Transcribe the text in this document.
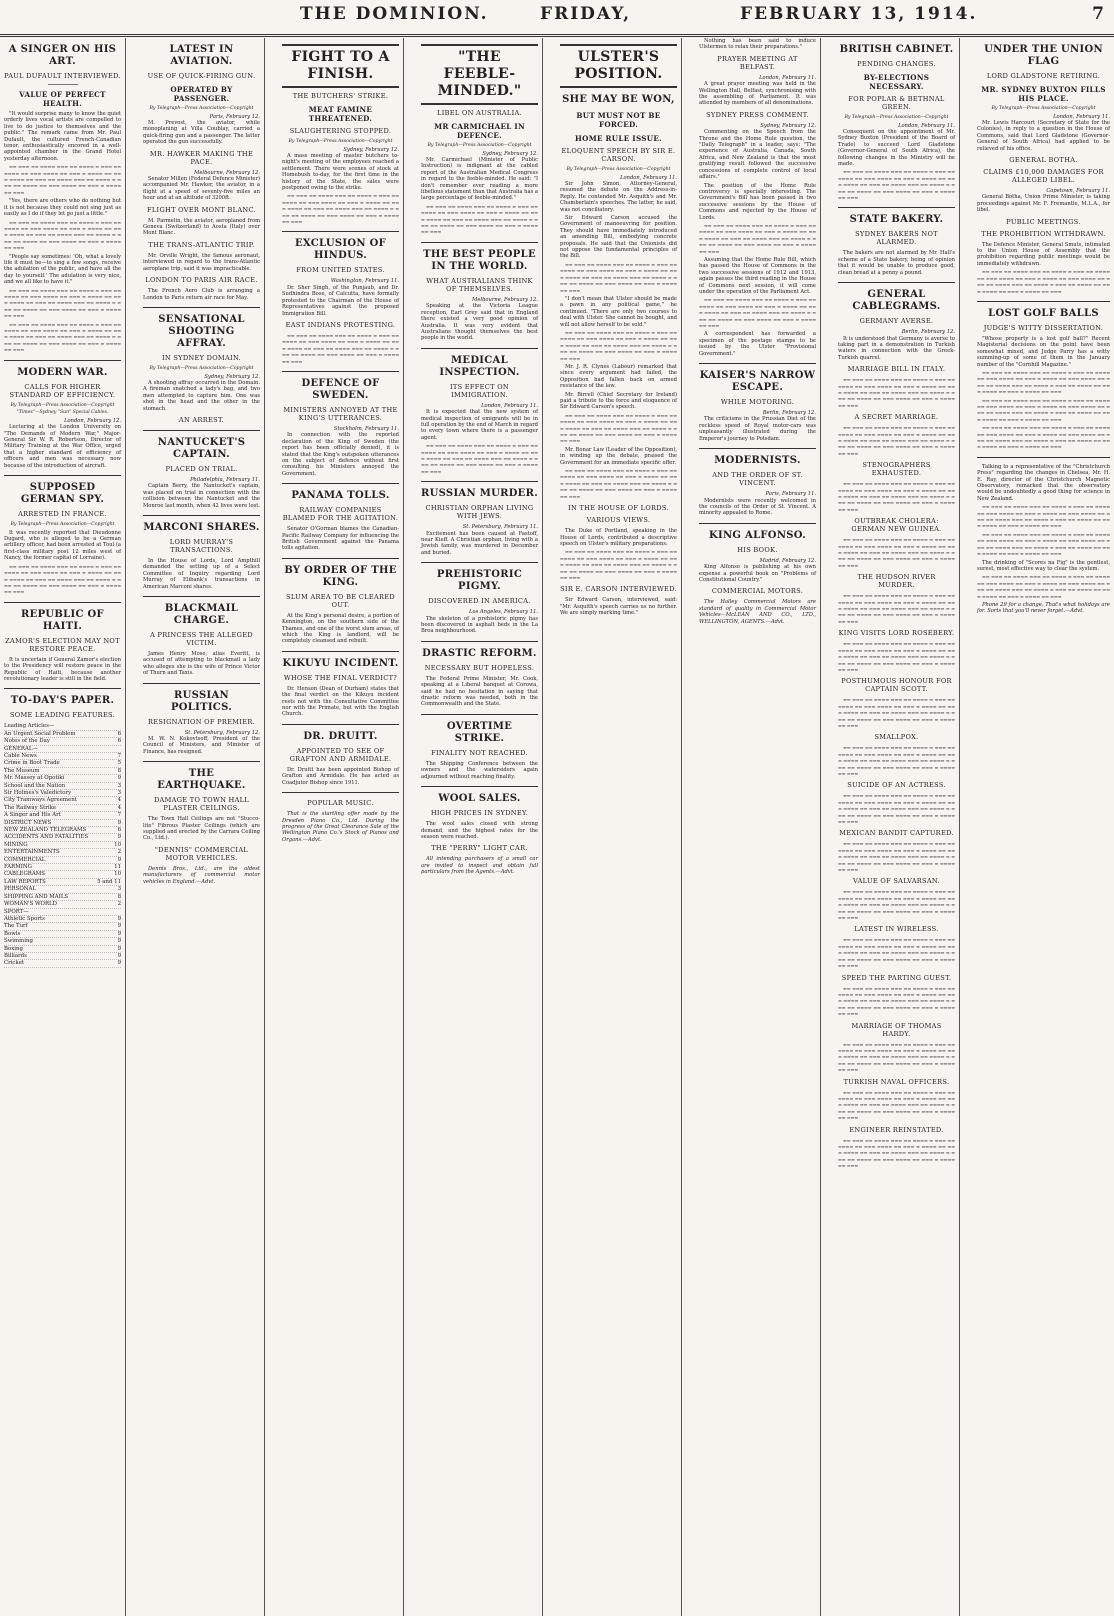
THE DOMINION.	FRIDAY,	FEBRUARY 13, 1914.	7
A SINGER ON HIS ART.
PAUL DUFAULT INTERVIEWED.
VALUE OF PERFECT HEALTH.

"It would surprise many to know the quiet orderly lives vocal artists are compelled to live to do justice to themselves and the public." The remark came from Mr. Paul Dufault, the cultured French-Canadian tenor, enthusiastically encored in a well-appointed chamber in the Grand Hotel yesterday afternoon.

▬▬ ▬▬▬ ▬▬ ▬▬▬▬ ▬▬▬ ▬▬ ▬▬▬▬ ▬ ▬▬▬ ▬▬ ▬▬▬▬ ▬▬ ▬▬▬ ▬▬▬▬ ▬▬ ▬▬▬ ▬ ▬▬▬▬ ▬▬ ▬▬▬ ▬▬▬▬ ▬▬ ▬▬▬ ▬▬ ▬▬▬▬ ▬▬▬ ▬▬ ▬▬▬▬ ▬ ▬▬▬ ▬▬ ▬▬▬▬ ▬▬ ▬▬▬ ▬▬▬▬ ▬▬ ▬▬▬ ▬ ▬▬▬▬ ▬▬ ▬▬▬

"Yes, there are others who do nothing but it is not because they could not sing just as easily as I do if they let go just a little."

▬▬ ▬▬▬ ▬▬ ▬▬▬▬ ▬▬▬ ▬▬ ▬▬▬▬ ▬ ▬▬▬ ▬▬ ▬▬▬▬ ▬▬ ▬▬▬ ▬▬▬▬ ▬▬ ▬▬▬ ▬ ▬▬▬▬ ▬▬ ▬▬▬ ▬▬▬▬ ▬▬ ▬▬▬ ▬▬ ▬▬▬▬ ▬▬▬ ▬▬ ▬▬▬▬ ▬ ▬▬▬ ▬▬ ▬▬▬▬ ▬▬ ▬▬▬ ▬▬▬▬ ▬▬ ▬▬▬ ▬ ▬▬▬▬ ▬▬ ▬▬▬

"People say sometimes: 'Oh, what a lovely life it must be—to sing a few songs, receive the adulation of the public, and have all the day to yourself.' The adulation is very nice, and we all like to have it."

▬▬ ▬▬▬ ▬▬ ▬▬▬▬ ▬▬▬ ▬▬ ▬▬▬▬ ▬ ▬▬▬ ▬▬ ▬▬▬▬ ▬▬ ▬▬▬ ▬▬▬▬ ▬▬ ▬▬▬ ▬ ▬▬▬▬ ▬▬ ▬▬▬ ▬▬▬▬ ▬▬ ▬▬▬ ▬▬ ▬▬▬▬ ▬▬▬ ▬▬ ▬▬▬▬ ▬ ▬▬▬ ▬▬ ▬▬▬▬ ▬▬ ▬▬▬ ▬▬▬▬ ▬▬ ▬▬▬ ▬ ▬▬▬▬ ▬▬ ▬▬▬

▬▬ ▬▬▬ ▬▬ ▬▬▬▬ ▬▬▬ ▬▬ ▬▬▬▬ ▬ ▬▬▬ ▬▬ ▬▬▬▬ ▬▬ ▬▬▬ ▬▬▬▬ ▬▬ ▬▬▬ ▬ ▬▬▬▬ ▬▬ ▬▬▬ ▬▬▬▬ ▬▬ ▬▬▬ ▬▬ ▬▬▬▬ ▬▬▬ ▬▬ ▬▬▬▬ ▬ ▬▬▬ ▬▬ ▬▬▬▬ ▬▬ ▬▬▬ ▬▬▬▬ ▬▬ ▬▬▬ ▬ ▬▬▬▬ ▬▬ ▬▬▬

MODERN WAR.
CALLS FOR HIGHER STANDARD OF EFFICIENCY.
By Telegraph—Press Association—Copyright
"Times"—Sydney "Sun" Special Cables.
London, February 12.

Lecturing at the London University on "The Demands of Modern War," Major-General Sir W. R. Robertson, Director of Military Training at the War Office, urged that a higher standard of efficiency of officers and men was necessary now because of the introduction of aircraft.

SUPPOSED GERMAN SPY.
ARRESTED IN FRANCE.
By Telegraph—Press Association—Copyright

It was recently reported that Dieudonne Dugard, who is alleged to be a German artillery officer, had been arrested at Toul (a first-class military post 12 miles west of Nancy, the former capital of Lorraine).

▬▬ ▬▬▬ ▬▬ ▬▬▬▬ ▬▬▬ ▬▬ ▬▬▬▬ ▬ ▬▬▬ ▬▬ ▬▬▬▬ ▬▬ ▬▬▬ ▬▬▬▬ ▬▬ ▬▬▬ ▬ ▬▬▬▬ ▬▬ ▬▬▬ ▬▬▬▬ ▬▬ ▬▬▬ ▬▬ ▬▬▬▬ ▬▬▬ ▬▬ ▬▬▬▬ ▬ ▬▬▬ ▬▬ ▬▬▬▬ ▬▬ ▬▬▬ ▬▬▬▬ ▬▬ ▬▬▬ ▬ ▬▬▬▬ ▬▬ ▬▬▬

REPUBLIC OF HAITI.
ZAMOR'S ELECTION MAY NOT RESTORE PEACE.

It is uncertain if General Zamor's election to the Presidency will restore peace in the Republic of Haiti, because another revolutionary leader is still in the field.

TO-DAY'S PAPER.
SOME LEADING FEATURES.
Leading Articles—
An Urgent Social Problem	6
Notes of the Day	6
GENERAL—
Cable News	7
Crime in Boot Trade	5
The Museum	8
Mr. Massey at Opotiki	9
School and the Nation	3
Sir Holmes's Valedictory	3
City Tramways Agreement	4
The Railway Strike	4
A Singer and His Art	7
DISTRICT NEWS	9
NEW ZEALAND TELEGRAMS	6
ACCIDENTS AND FATALITIES	9
MINING	10
ENTERTAINMENTS	2
COMMERCIAL	9
FARMING	11
CABLEGRAMS	10
LAW REPORTS	5 and 11
PERSONAL	3
SHIPPING AND MAILS	8
WOMAN'S WORLD	2
SPORT—
Athletic Sports	9
The Turf	9
Bowls	9
Swimming	9
Boxing	9
Billiards	9
Cricket	9
LATEST IN AVIATION.
USE OF QUICK-FIRING GUN.
OPERATED BY PASSENGER.
By Telegraph—Press Association—Copyright
Paris, February 12.

M. Prevost, the aviator, while monoplaning at Villa Coublay, carried a quick-firing gun and a passenger. The latter operated the gun successfully.

MR. HAWKER MAKING THE PACE.
Melbourne, February 12.

Senator Millen (Federal Defence Minister) accompanied Mr. Hawker, the aviator, in a flight at a speed of seventy-five miles an hour and at an altitude of 3200ft.

FLIGHT OVER MONT BLANC.

M. Parmelin, the aviator, aeroplaned from Geneva (Switzerland) to Aosta (Italy) over Mont Blanc.

THE TRANS-ATLANTIC TRIP.

Mr. Orville Wright, the famous aeronaut, interviewed in regard to the trans-Atlantic aeroplane trip, said it was impracticable.

LONDON TO PARIS AIR RACE.

The French Aero Club is arranging a London to Paris return air race for May.

SENSATIONAL SHOOTING AFFRAY.
IN SYDNEY DOMAIN.
By Telegraph—Press Association—Copyright
Sydney, February 12.

A shooting affray occurred in the Domain. A fireman snatched a lady's bag, and two men attempted to capture him. One was shot in the head and the other in the stomach.

AN ARREST.
NANTUCKET'S CAPTAIN.
PLACED ON TRIAL.
Philadelphia, February 11.

Captain Berry, the Nantucket's captain, was placed on trial in connection with the collision between the Nantucket and the Monroe last month, when 42 lives were lost.

MARCONI SHARES.
LORD MURRAY'S TRANSACTIONS.

In the House of Lords, Lord Ampthill demanded the setting up of a Select Committee of Inquiry regarding Lord Murray of Elibank's transactions in American Marconi shares.

BLACKMAIL CHARGE.
A PRINCESS THE ALLEGED VICTIM.

James Henry Mose, alias Everitt, is accused of attempting to blackmail a lady who alleges she is the wife of Prince Victor of Thurn and Taxis.

RUSSIAN POLITICS.
RESIGNATION OF PREMIER.
St. Petersburg, February 12.

M. W. N. Kokovtsoff, President of the Council of Ministers, and Minister of Finance, has resigned.

THE EARTHQUAKE.
DAMAGE TO TOWN HALL PLASTER CEILINGS.

The Town Hall Ceilings are not "Stucco-lite" Fibrous Plaster Ceilings (which are supplied and erected by the Carrara Ceiling Co., Ltd.).

"DENNIS" COMMERCIAL MOTOR VEHICLES.

Dennis Bros., Ltd., are the oldest manufacturers of commercial motor vehicles in England.—Advt.

FIGHT TO A FINISH.
THE BUTCHERS' STRIKE.
MEAT FAMINE THREATENED.
SLAUGHTERING STOPPED.
By Telegraph—Press Association—Copyright
Sydney, February 12.

A mass meeting of master butchers to-night's meeting of the employees reached a settlement. There were scenes of stock at Homebush to-day, for the first time in the history of the State, the sales were postponed owing to the strike.

▬▬ ▬▬▬ ▬▬ ▬▬▬▬ ▬▬▬ ▬▬ ▬▬▬▬ ▬ ▬▬▬ ▬▬ ▬▬▬▬ ▬▬ ▬▬▬ ▬▬▬▬ ▬▬ ▬▬▬ ▬ ▬▬▬▬ ▬▬ ▬▬▬ ▬▬▬▬ ▬▬ ▬▬▬ ▬▬ ▬▬▬▬ ▬▬▬ ▬▬ ▬▬▬▬ ▬ ▬▬▬ ▬▬ ▬▬▬▬ ▬▬ ▬▬▬ ▬▬▬▬ ▬▬ ▬▬▬ ▬ ▬▬▬▬ ▬▬ ▬▬▬

EXCLUSION OF HINDUS.
FROM UNITED STATES.
Washington, February 11.

Dr. Sher Singh, of the Punjaub, and Dr. Sudhindra Bose, of Calcutta, have formally protested to the Chairman of the House of Representatives against the proposed Immigration Bill.

EAST INDIANS PROTESTING.

▬▬ ▬▬▬ ▬▬ ▬▬▬▬ ▬▬▬ ▬▬ ▬▬▬▬ ▬ ▬▬▬ ▬▬ ▬▬▬▬ ▬▬ ▬▬▬ ▬▬▬▬ ▬▬ ▬▬▬ ▬ ▬▬▬▬ ▬▬ ▬▬▬ ▬▬▬▬ ▬▬ ▬▬▬ ▬▬ ▬▬▬▬ ▬▬▬ ▬▬ ▬▬▬▬ ▬ ▬▬▬ ▬▬ ▬▬▬▬ ▬▬ ▬▬▬ ▬▬▬▬ ▬▬ ▬▬▬ ▬ ▬▬▬▬ ▬▬ ▬▬▬

DEFENCE OF SWEDEN.
MINISTERS ANNOYED AT THE KING'S UTTERANCES.
Stockholm, February 11.

In connection with the reported declaration of the King of Sweden (the report has been officially denied), it is stated that the King's outspoken utterances on the subject of defence without first consulting his Ministers annoyed the Government.

PANAMA TOLLS.
RAILWAY COMPANIES BLAMED FOR THE AGITATION.

Senator O'Gorman blames the Canadian-Pacific Railway Company for influencing the British Government against the Panama tolls agitation.

BY ORDER OF THE KING.
SLUM AREA TO BE CLEARED OUT.

At the King's personal desire, a portion of Kennington, on the southern side of the Thames, and one of the worst slum areas, of which the King is landlord, will be completely cleansed and rebuilt.

KIKUYU INCIDENT.
WHOSE THE FINAL VERDICT?

Dr. Henson (Dean of Durham) states that the final verdict on the Kikuyu incident rests not with the Consultative Committee nor with the Primate, but with the English Church.

DR. DRUITT.
APPOINTED TO SEE OF GRAFTON AND ARMIDALE.

Dr. Druitt has been appointed Bishop of Grafton and Armidale. He has acted as Coadjutor Bishop since 1911.

POPULAR MUSIC.

That is the startling offer made by the Dresden Piano Co., Ltd. During the progress of the Great Clearance Sale of the Wellington Piano Co.'s Stock of Pianos and Organs.—Advt.

"THE FEEBLE-MINDED."
LIBEL ON AUSTRALIA.
MR CARMICHAEL IN DEFENCE.
By Telegraph—Press Association—Copyright
Sydney, February 12.

Mr. Carmichael (Minister of Public Instruction) is indignant at the cabled report of the Australian Medical Congress in regard to the feeble-minded. He said: "I don't remember ever reading a more libellous statement than that Australia has a large percentage of feeble-minded."

▬▬ ▬▬▬ ▬▬ ▬▬▬▬ ▬▬▬ ▬▬ ▬▬▬▬ ▬ ▬▬▬ ▬▬ ▬▬▬▬ ▬▬ ▬▬▬ ▬▬▬▬ ▬▬ ▬▬▬ ▬ ▬▬▬▬ ▬▬ ▬▬▬ ▬▬▬▬ ▬▬ ▬▬▬ ▬▬ ▬▬▬▬ ▬▬▬ ▬▬ ▬▬▬▬ ▬ ▬▬▬ ▬▬ ▬▬▬▬ ▬▬ ▬▬▬ ▬▬▬▬ ▬▬ ▬▬▬ ▬ ▬▬▬▬ ▬▬ ▬▬▬

THE BEST PEOPLE IN THE WORLD.
WHAT AUSTRALIANS THINK OF THEMSELVES.
Melbourne, February 12.

Speaking at the Victoria League reception, Earl Grey said that in England there existed a very good opinion of Australia. It was very evident that Australians thought themselves the best people in the world.

MEDICAL INSPECTION.
ITS EFFECT ON IMMIGRATION.
London, February 11.

It is expected that the new system of medical inspection of emigrants will be in full operation by the end of March in regard to every town where there is a passenger agent.

▬▬ ▬▬▬ ▬▬ ▬▬▬▬ ▬▬▬ ▬▬ ▬▬▬▬ ▬ ▬▬▬ ▬▬ ▬▬▬▬ ▬▬ ▬▬▬ ▬▬▬▬ ▬▬ ▬▬▬ ▬ ▬▬▬▬ ▬▬ ▬▬▬ ▬▬▬▬ ▬▬ ▬▬▬ ▬▬ ▬▬▬▬ ▬▬▬ ▬▬ ▬▬▬▬ ▬ ▬▬▬ ▬▬ ▬▬▬▬ ▬▬ ▬▬▬ ▬▬▬▬ ▬▬ ▬▬▬ ▬ ▬▬▬▬ ▬▬ ▬▬▬

RUSSIAN MURDER.
CHRISTIAN ORPHAN LIVING WITH JEWS.
St. Petersburg, February 11.

Excitement has been caused at Fastoff, near Kieff. A Christian orphan, living with a Jewish family, was murdered in December and buried.

PREHISTORIC PIGMY.
DISCOVERED IN AMERICA.
Los Angeles, February 11.

The skeleton of a prehistoric pigmy has been discovered in asphalt beds in the La Brea neighbourhood.

DRASTIC REFORM.
NECESSARY BUT HOPELESS.

The Federal Prime Minister, Mr. Cook, speaking at a Liberal banquet at Corowa, said he had no hesitation in saying that drastic reform was needed, both in the Commonwealth and the State.

OVERTIME STRIKE.
FINALITY NOT REACHED.

The Shipping Conference between the owners and the watersiders again adjourned without reaching finality.

WOOL SALES.
HIGH PRICES IN SYDNEY.

The wool sales closed with strong demand, and the highest rates for the season were reached.

THE "PERRY" LIGHT CAR.

All intending purchasers of a small car are invited to inspect and obtain full particulars from the Agents.—Advt.

ULSTER'S POSITION.
SHE MAY BE WON,
BUT MUST NOT BE FORCED.
HOME RULE ISSUE.
ELOQUENT SPEECH BY SIR E. CARSON.
By Telegraph—Press Association—Copyright
London, February 11.

Sir John Simon, Attorney-General, resumed the debate on the Address-in-Reply. He contended Mr. Asquith's and Mr. Chamberlain's speeches. The latter, he said, was not conciliatory.

Sir Edward Carson accused the Government of manoeuvring for position. They should have immediately introduced an amending Bill, embodying concrete proposals. He said that the Unionists did not oppose the fundamental principles of the Bill.

▬▬ ▬▬▬ ▬▬ ▬▬▬▬ ▬▬▬ ▬▬ ▬▬▬▬ ▬ ▬▬▬ ▬▬ ▬▬▬▬ ▬▬ ▬▬▬ ▬▬▬▬ ▬▬ ▬▬▬ ▬ ▬▬▬▬ ▬▬ ▬▬▬ ▬▬▬▬ ▬▬ ▬▬▬ ▬▬ ▬▬▬▬ ▬▬▬ ▬▬ ▬▬▬▬ ▬ ▬▬▬ ▬▬ ▬▬▬▬ ▬▬ ▬▬▬ ▬▬▬▬ ▬▬ ▬▬▬ ▬ ▬▬▬▬ ▬▬ ▬▬▬

"I don't mean that Ulster should be made a pawn in any political game," he continued. "There are only two courses to deal with Ulster. She cannot be bought, and will not allow herself to be sold."

▬▬ ▬▬▬ ▬▬ ▬▬▬▬ ▬▬▬ ▬▬ ▬▬▬▬ ▬ ▬▬▬ ▬▬ ▬▬▬▬ ▬▬ ▬▬▬ ▬▬▬▬ ▬▬ ▬▬▬ ▬ ▬▬▬▬ ▬▬ ▬▬▬ ▬▬▬▬ ▬▬ ▬▬▬ ▬▬ ▬▬▬▬ ▬▬▬ ▬▬ ▬▬▬▬ ▬ ▬▬▬ ▬▬ ▬▬▬▬ ▬▬ ▬▬▬ ▬▬▬▬ ▬▬ ▬▬▬ ▬ ▬▬▬▬ ▬▬ ▬▬▬

Mr. J. R. Clynes (Labour) remarked that since every argument had failed, the Opposition had fallen back on armed resistance of the law.

Mr. Birrell (Chief Secretary for Ireland) paid a tribute to the force and eloquence of Sir Edward Carson's speech.

▬▬ ▬▬▬ ▬▬ ▬▬▬▬ ▬▬▬ ▬▬ ▬▬▬▬ ▬ ▬▬▬ ▬▬ ▬▬▬▬ ▬▬ ▬▬▬ ▬▬▬▬ ▬▬ ▬▬▬ ▬ ▬▬▬▬ ▬▬ ▬▬▬ ▬▬▬▬ ▬▬ ▬▬▬ ▬▬ ▬▬▬▬ ▬▬▬ ▬▬ ▬▬▬▬ ▬ ▬▬▬ ▬▬ ▬▬▬▬ ▬▬ ▬▬▬ ▬▬▬▬ ▬▬ ▬▬▬ ▬ ▬▬▬▬ ▬▬ ▬▬▬

Mr. Bonar Law (Leader of the Opposition), in winding up the debate, praised the Government for an immediate specific offer.

▬▬ ▬▬▬ ▬▬ ▬▬▬▬ ▬▬▬ ▬▬ ▬▬▬▬ ▬ ▬▬▬ ▬▬ ▬▬▬▬ ▬▬ ▬▬▬ ▬▬▬▬ ▬▬ ▬▬▬ ▬ ▬▬▬▬ ▬▬ ▬▬▬ ▬▬▬▬ ▬▬ ▬▬▬ ▬▬ ▬▬▬▬ ▬▬▬ ▬▬ ▬▬▬▬ ▬ ▬▬▬ ▬▬ ▬▬▬▬ ▬▬ ▬▬▬ ▬▬▬▬ ▬▬ ▬▬▬ ▬ ▬▬▬▬ ▬▬ ▬▬▬

IN THE HOUSE OF LORDS.
VARIOUS VIEWS.

The Duke of Portland, speaking in the House of Lords, contributed a descriptive speech on Ulster's military preparations.

▬▬ ▬▬▬ ▬▬ ▬▬▬▬ ▬▬▬ ▬▬ ▬▬▬▬ ▬ ▬▬▬ ▬▬ ▬▬▬▬ ▬▬ ▬▬▬ ▬▬▬▬ ▬▬ ▬▬▬ ▬ ▬▬▬▬ ▬▬ ▬▬▬ ▬▬▬▬ ▬▬ ▬▬▬ ▬▬ ▬▬▬▬ ▬▬▬ ▬▬ ▬▬▬▬ ▬ ▬▬▬ ▬▬ ▬▬▬▬ ▬▬ ▬▬▬ ▬▬▬▬ ▬▬ ▬▬▬ ▬ ▬▬▬▬ ▬▬ ▬▬▬

SIR E. CARSON INTERVIEWED.

Sir Edward Carson, interviewed, said: "Mr. Asquith's speech carries us no further. We are simply marking time."

Nothing has been said to induce Ulstermen to relax their preparations."

PRAYER MEETING AT BELFAST.
London, February 11.

A great prayer meeting was held in the Wellington Hall, Belfast, synchronising with the assembling of Parliament. It was attended by members of all denominations.

SYDNEY PRESS COMMENT.
Sydney, February 12.

Commenting on the Speech from the Throne and the Home Rule question, the "Daily Telegraph" in a leader, says: "The experience of Australia, Canada, South Africa, and New Zealand is that the most gratifying result followed the successive concessions of complete control of local affairs."

The position of the Home Rule controversy is specially interesting. The Government's Bill has been passed in two successive sessions by the House of Commons and rejected by the House of Lords.

▬▬ ▬▬▬ ▬▬ ▬▬▬▬ ▬▬▬ ▬▬ ▬▬▬▬ ▬ ▬▬▬ ▬▬ ▬▬▬▬ ▬▬ ▬▬▬ ▬▬▬▬ ▬▬ ▬▬▬ ▬ ▬▬▬▬ ▬▬ ▬▬▬ ▬▬▬▬ ▬▬ ▬▬▬ ▬▬ ▬▬▬▬ ▬▬▬ ▬▬ ▬▬▬▬ ▬ ▬▬▬ ▬▬ ▬▬▬▬ ▬▬ ▬▬▬ ▬▬▬▬ ▬▬ ▬▬▬ ▬ ▬▬▬▬ ▬▬ ▬▬▬

Assuming that the Home Rule Bill, which has passed the House of Commons in the two successive sessions of 1912 and 1913, again passes the third reading in the House of Commons next session, it will come under the operation of the Parliament Act.

▬▬ ▬▬▬ ▬▬ ▬▬▬▬ ▬▬▬ ▬▬ ▬▬▬▬ ▬ ▬▬▬ ▬▬ ▬▬▬▬ ▬▬ ▬▬▬ ▬▬▬▬ ▬▬ ▬▬▬ ▬ ▬▬▬▬ ▬▬ ▬▬▬ ▬▬▬▬ ▬▬ ▬▬▬ ▬▬ ▬▬▬▬ ▬▬▬ ▬▬ ▬▬▬▬ ▬ ▬▬▬ ▬▬ ▬▬▬▬ ▬▬ ▬▬▬ ▬▬▬▬ ▬▬ ▬▬▬ ▬ ▬▬▬▬ ▬▬ ▬▬▬

A correspondent has forwarded a specimen of the postage stamps to be issued by the Ulster "Provisional Government."

KAISER'S NARROW ESCAPE.
WHILE MOTORING.
Berlin, February 12.

The criticisms in the Prussian Diet of the reckless speed of Royal motor-cars was unpleasantly illustrated during the Emperor's journey to Potsdam.

MODERNISTS.
AND THE ORDER OF ST. VINCENT.
Paris, February 11.

Modernists were recently welcomed in the councils of the Order of St. Vincent. A minority appealed to Rome.

KING ALFONSO.
HIS BOOK.
Madrid, February 12.

King Alfonso is publishing at his own expense a powerful book on "Problems of Constitutional Country."

COMMERCIAL MOTORS.

The Halley Commercial Motors are standard of quality in Commercial Motor Vehicles—McLEAN AND CO., LTD., WELLINGTON, AGENTS.—Advt.

BRITISH CABINET.
PENDING CHANGES.
BY-ELECTIONS NECESSARY.
FOR POPLAR & BETHNAL GREEN.
By Telegraph—Press Association—Copyright
London, February 11.

Consequent on the appointment of Mr. Sydney Buxton (President of the Board of Trade) to succeed Lord Gladstone (Governor-General of South Africa), the following changes in the Ministry will be made.

▬▬ ▬▬▬ ▬▬ ▬▬▬▬ ▬▬▬ ▬▬ ▬▬▬▬ ▬ ▬▬▬ ▬▬ ▬▬▬▬ ▬▬ ▬▬▬ ▬▬▬▬ ▬▬ ▬▬▬ ▬ ▬▬▬▬ ▬▬ ▬▬▬ ▬▬▬▬ ▬▬ ▬▬▬ ▬▬ ▬▬▬▬ ▬▬▬ ▬▬ ▬▬▬▬ ▬ ▬▬▬ ▬▬ ▬▬▬▬ ▬▬ ▬▬▬ ▬▬▬▬ ▬▬ ▬▬▬ ▬ ▬▬▬▬ ▬▬ ▬▬▬

STATE BAKERY.
SYDNEY BAKERS NOT ALARMED.

The bakers are not alarmed by Mr. Hall's scheme of a State bakery, being of opinion that it would be unable to produce good, clean bread at a penny a pound.

GENERAL CABLEGRAMS.
GERMANY AVERSE.
Berlin, February 12.

It is understood that Germany is averse to taking part in a demonstration in Turkish waters in connection with the Greek-Turkish quarrel.

MARRIAGE BILL IN ITALY.

▬▬ ▬▬▬ ▬▬ ▬▬▬▬ ▬▬▬ ▬▬ ▬▬▬▬ ▬ ▬▬▬ ▬▬ ▬▬▬▬ ▬▬ ▬▬▬ ▬▬▬▬ ▬▬ ▬▬▬ ▬ ▬▬▬▬ ▬▬ ▬▬▬ ▬▬▬▬ ▬▬ ▬▬▬ ▬▬ ▬▬▬▬ ▬▬▬ ▬▬ ▬▬▬▬ ▬ ▬▬▬ ▬▬ ▬▬▬▬ ▬▬ ▬▬▬ ▬▬▬▬ ▬▬ ▬▬▬ ▬ ▬▬▬▬ ▬▬ ▬▬▬

A SECRET MARRIAGE.

▬▬ ▬▬▬ ▬▬ ▬▬▬▬ ▬▬▬ ▬▬ ▬▬▬▬ ▬ ▬▬▬ ▬▬ ▬▬▬▬ ▬▬ ▬▬▬ ▬▬▬▬ ▬▬ ▬▬▬ ▬ ▬▬▬▬ ▬▬ ▬▬▬ ▬▬▬▬ ▬▬ ▬▬▬ ▬▬ ▬▬▬▬ ▬▬▬ ▬▬ ▬▬▬▬ ▬ ▬▬▬ ▬▬ ▬▬▬▬ ▬▬ ▬▬▬ ▬▬▬▬ ▬▬ ▬▬▬ ▬ ▬▬▬▬ ▬▬ ▬▬▬

STENOGRAPHERS EXHAUSTED.

▬▬ ▬▬▬ ▬▬ ▬▬▬▬ ▬▬▬ ▬▬ ▬▬▬▬ ▬ ▬▬▬ ▬▬ ▬▬▬▬ ▬▬ ▬▬▬ ▬▬▬▬ ▬▬ ▬▬▬ ▬ ▬▬▬▬ ▬▬ ▬▬▬ ▬▬▬▬ ▬▬ ▬▬▬ ▬▬ ▬▬▬▬ ▬▬▬ ▬▬ ▬▬▬▬ ▬ ▬▬▬ ▬▬ ▬▬▬▬ ▬▬ ▬▬▬ ▬▬▬▬ ▬▬ ▬▬▬ ▬ ▬▬▬▬ ▬▬ ▬▬▬

OUTBREAK CHOLERA: GERMAN NEW GUINEA.

▬▬ ▬▬▬ ▬▬ ▬▬▬▬ ▬▬▬ ▬▬ ▬▬▬▬ ▬ ▬▬▬ ▬▬ ▬▬▬▬ ▬▬ ▬▬▬ ▬▬▬▬ ▬▬ ▬▬▬ ▬ ▬▬▬▬ ▬▬ ▬▬▬ ▬▬▬▬ ▬▬ ▬▬▬ ▬▬ ▬▬▬▬ ▬▬▬ ▬▬ ▬▬▬▬ ▬ ▬▬▬ ▬▬ ▬▬▬▬ ▬▬ ▬▬▬ ▬▬▬▬ ▬▬ ▬▬▬ ▬ ▬▬▬▬ ▬▬ ▬▬▬

THE HUDSON RIVER MURDER.

▬▬ ▬▬▬ ▬▬ ▬▬▬▬ ▬▬▬ ▬▬ ▬▬▬▬ ▬ ▬▬▬ ▬▬ ▬▬▬▬ ▬▬ ▬▬▬ ▬▬▬▬ ▬▬ ▬▬▬ ▬ ▬▬▬▬ ▬▬ ▬▬▬ ▬▬▬▬ ▬▬ ▬▬▬ ▬▬ ▬▬▬▬ ▬▬▬ ▬▬ ▬▬▬▬ ▬ ▬▬▬ ▬▬ ▬▬▬▬ ▬▬ ▬▬▬ ▬▬▬▬ ▬▬ ▬▬▬ ▬ ▬▬▬▬ ▬▬ ▬▬▬

KING VISITS LORD ROSEBERY.

▬▬ ▬▬▬ ▬▬ ▬▬▬▬ ▬▬▬ ▬▬ ▬▬▬▬ ▬ ▬▬▬ ▬▬ ▬▬▬▬ ▬▬ ▬▬▬ ▬▬▬▬ ▬▬ ▬▬▬ ▬ ▬▬▬▬ ▬▬ ▬▬▬ ▬▬▬▬ ▬▬ ▬▬▬ ▬▬ ▬▬▬▬ ▬▬▬ ▬▬ ▬▬▬▬ ▬ ▬▬▬ ▬▬ ▬▬▬▬ ▬▬ ▬▬▬ ▬▬▬▬ ▬▬ ▬▬▬ ▬ ▬▬▬▬ ▬▬ ▬▬▬

POSTHUMOUS HONOUR FOR CAPTAIN SCOTT.

▬▬ ▬▬▬ ▬▬ ▬▬▬▬ ▬▬▬ ▬▬ ▬▬▬▬ ▬ ▬▬▬ ▬▬ ▬▬▬▬ ▬▬ ▬▬▬ ▬▬▬▬ ▬▬ ▬▬▬ ▬ ▬▬▬▬ ▬▬ ▬▬▬ ▬▬▬▬ ▬▬ ▬▬▬ ▬▬ ▬▬▬▬ ▬▬▬ ▬▬ ▬▬▬▬ ▬ ▬▬▬ ▬▬ ▬▬▬▬ ▬▬ ▬▬▬ ▬▬▬▬ ▬▬ ▬▬▬ ▬ ▬▬▬▬ ▬▬ ▬▬▬

SMALLPOX.

▬▬ ▬▬▬ ▬▬ ▬▬▬▬ ▬▬▬ ▬▬ ▬▬▬▬ ▬ ▬▬▬ ▬▬ ▬▬▬▬ ▬▬ ▬▬▬ ▬▬▬▬ ▬▬ ▬▬▬ ▬ ▬▬▬▬ ▬▬ ▬▬▬ ▬▬▬▬ ▬▬ ▬▬▬ ▬▬ ▬▬▬▬ ▬▬▬ ▬▬ ▬▬▬▬ ▬ ▬▬▬ ▬▬ ▬▬▬▬ ▬▬ ▬▬▬ ▬▬▬▬ ▬▬ ▬▬▬ ▬ ▬▬▬▬ ▬▬ ▬▬▬

SUICIDE OF AN ACTRESS.

▬▬ ▬▬▬ ▬▬ ▬▬▬▬ ▬▬▬ ▬▬ ▬▬▬▬ ▬ ▬▬▬ ▬▬ ▬▬▬▬ ▬▬ ▬▬▬ ▬▬▬▬ ▬▬ ▬▬▬ ▬ ▬▬▬▬ ▬▬ ▬▬▬ ▬▬▬▬ ▬▬ ▬▬▬ ▬▬ ▬▬▬▬ ▬▬▬ ▬▬ ▬▬▬▬ ▬ ▬▬▬ ▬▬ ▬▬▬▬ ▬▬ ▬▬▬ ▬▬▬▬ ▬▬ ▬▬▬ ▬ ▬▬▬▬ ▬▬ ▬▬▬

MEXICAN BANDIT CAPTURED.

▬▬ ▬▬▬ ▬▬ ▬▬▬▬ ▬▬▬ ▬▬ ▬▬▬▬ ▬ ▬▬▬ ▬▬ ▬▬▬▬ ▬▬ ▬▬▬ ▬▬▬▬ ▬▬ ▬▬▬ ▬ ▬▬▬▬ ▬▬ ▬▬▬ ▬▬▬▬ ▬▬ ▬▬▬ ▬▬ ▬▬▬▬ ▬▬▬ ▬▬ ▬▬▬▬ ▬ ▬▬▬ ▬▬ ▬▬▬▬ ▬▬ ▬▬▬ ▬▬▬▬ ▬▬ ▬▬▬ ▬ ▬▬▬▬ ▬▬ ▬▬▬

VALUE OF SALVARSAN.

▬▬ ▬▬▬ ▬▬ ▬▬▬▬ ▬▬▬ ▬▬ ▬▬▬▬ ▬ ▬▬▬ ▬▬ ▬▬▬▬ ▬▬ ▬▬▬ ▬▬▬▬ ▬▬ ▬▬▬ ▬ ▬▬▬▬ ▬▬ ▬▬▬ ▬▬▬▬ ▬▬ ▬▬▬ ▬▬ ▬▬▬▬ ▬▬▬ ▬▬ ▬▬▬▬ ▬ ▬▬▬ ▬▬ ▬▬▬▬ ▬▬ ▬▬▬ ▬▬▬▬ ▬▬ ▬▬▬ ▬ ▬▬▬▬ ▬▬ ▬▬▬

LATEST IN WIRELESS.

▬▬ ▬▬▬ ▬▬ ▬▬▬▬ ▬▬▬ ▬▬ ▬▬▬▬ ▬ ▬▬▬ ▬▬ ▬▬▬▬ ▬▬ ▬▬▬ ▬▬▬▬ ▬▬ ▬▬▬ ▬ ▬▬▬▬ ▬▬ ▬▬▬ ▬▬▬▬ ▬▬ ▬▬▬ ▬▬ ▬▬▬▬ ▬▬▬ ▬▬ ▬▬▬▬ ▬ ▬▬▬ ▬▬ ▬▬▬▬ ▬▬ ▬▬▬ ▬▬▬▬ ▬▬ ▬▬▬ ▬ ▬▬▬▬ ▬▬ ▬▬▬

SPEED THE PARTING GUEST.

▬▬ ▬▬▬ ▬▬ ▬▬▬▬ ▬▬▬ ▬▬ ▬▬▬▬ ▬ ▬▬▬ ▬▬ ▬▬▬▬ ▬▬ ▬▬▬ ▬▬▬▬ ▬▬ ▬▬▬ ▬ ▬▬▬▬ ▬▬ ▬▬▬ ▬▬▬▬ ▬▬ ▬▬▬ ▬▬ ▬▬▬▬ ▬▬▬ ▬▬ ▬▬▬▬ ▬ ▬▬▬ ▬▬ ▬▬▬▬ ▬▬ ▬▬▬ ▬▬▬▬ ▬▬ ▬▬▬ ▬ ▬▬▬▬ ▬▬ ▬▬▬

MARRIAGE OF THOMAS HARDY.

▬▬ ▬▬▬ ▬▬ ▬▬▬▬ ▬▬▬ ▬▬ ▬▬▬▬ ▬ ▬▬▬ ▬▬ ▬▬▬▬ ▬▬ ▬▬▬ ▬▬▬▬ ▬▬ ▬▬▬ ▬ ▬▬▬▬ ▬▬ ▬▬▬ ▬▬▬▬ ▬▬ ▬▬▬ ▬▬ ▬▬▬▬ ▬▬▬ ▬▬ ▬▬▬▬ ▬ ▬▬▬ ▬▬ ▬▬▬▬ ▬▬ ▬▬▬ ▬▬▬▬ ▬▬ ▬▬▬ ▬ ▬▬▬▬ ▬▬ ▬▬▬

TURKISH NAVAL OFFICERS.

▬▬ ▬▬▬ ▬▬ ▬▬▬▬ ▬▬▬ ▬▬ ▬▬▬▬ ▬ ▬▬▬ ▬▬ ▬▬▬▬ ▬▬ ▬▬▬ ▬▬▬▬ ▬▬ ▬▬▬ ▬ ▬▬▬▬ ▬▬ ▬▬▬ ▬▬▬▬ ▬▬ ▬▬▬ ▬▬ ▬▬▬▬ ▬▬▬ ▬▬ ▬▬▬▬ ▬ ▬▬▬ ▬▬ ▬▬▬▬ ▬▬ ▬▬▬ ▬▬▬▬ ▬▬ ▬▬▬ ▬ ▬▬▬▬ ▬▬ ▬▬▬

ENGINEER REINSTATED.

▬▬ ▬▬▬ ▬▬ ▬▬▬▬ ▬▬▬ ▬▬ ▬▬▬▬ ▬ ▬▬▬ ▬▬ ▬▬▬▬ ▬▬ ▬▬▬ ▬▬▬▬ ▬▬ ▬▬▬ ▬ ▬▬▬▬ ▬▬ ▬▬▬ ▬▬▬▬ ▬▬ ▬▬▬ ▬▬ ▬▬▬▬ ▬▬▬ ▬▬ ▬▬▬▬ ▬ ▬▬▬ ▬▬ ▬▬▬▬ ▬▬ ▬▬▬ ▬▬▬▬ ▬▬ ▬▬▬ ▬ ▬▬▬▬ ▬▬ ▬▬▬

UNDER THE UNION FLAG
LORD GLADSTONE RETIRING.
MR. SYDNEY BUXTON FILLS HIS PLACE.
By Telegraph—Press Association—Copyright
London, February 11.

Mr. Lewis Harcourt (Secretary of State for the Colonies), in reply to a question in the House of Commons, said that Lord Gladstone (Governor-General of South Africa) had applied to be relieved of his office.

GENERAL BOTHA.
CLAIMS £10,000 DAMAGES FOR ALLEGED LIBEL.
Capetown, February 11.

General Botha, Union Prime Minister, is taking proceedings against Mr. F. Fremantle, M.L.A., for libel.

PUBLIC MEETINGS.
THE PROHIBITION WITHDRAWN.

The Defence Minister, General Smuts, intimated to the Union House of Assembly that the prohibition regarding public meetings would be immediately withdrawn.

▬▬ ▬▬▬ ▬▬ ▬▬▬▬ ▬▬▬ ▬▬ ▬▬▬▬ ▬ ▬▬▬ ▬▬ ▬▬▬▬ ▬▬ ▬▬▬ ▬▬▬▬ ▬▬ ▬▬▬ ▬ ▬▬▬▬ ▬▬ ▬▬▬ ▬▬▬▬ ▬▬ ▬▬▬ ▬▬ ▬▬▬▬ ▬▬▬ ▬▬ ▬▬▬▬ ▬ ▬▬▬ ▬▬ ▬▬▬▬ ▬▬ ▬▬▬ ▬▬▬▬ ▬▬ ▬▬▬ ▬ ▬▬▬▬ ▬▬ ▬▬▬

LOST GOLF BALLS
JUDGE'S WITTY DISSERTATION.

"Whose property is a lost golf ball?" Recent Magisterial decisions on the point have been somewhat mixed, and Judge Parry has a witty summing-up of some of them in the January number of the "Cornhill Magazine."

▬▬ ▬▬▬ ▬▬ ▬▬▬▬ ▬▬▬ ▬▬ ▬▬▬▬ ▬ ▬▬▬ ▬▬ ▬▬▬▬ ▬▬ ▬▬▬ ▬▬▬▬ ▬▬ ▬▬▬ ▬ ▬▬▬▬ ▬▬ ▬▬▬ ▬▬▬▬ ▬▬ ▬▬▬ ▬▬ ▬▬▬▬ ▬▬▬ ▬▬ ▬▬▬▬ ▬ ▬▬▬ ▬▬ ▬▬▬▬ ▬▬ ▬▬▬ ▬▬▬▬ ▬▬ ▬▬▬ ▬ ▬▬▬▬ ▬▬ ▬▬▬

▬▬ ▬▬▬ ▬▬ ▬▬▬▬ ▬▬▬ ▬▬ ▬▬▬▬ ▬ ▬▬▬ ▬▬ ▬▬▬▬ ▬▬ ▬▬▬ ▬▬▬▬ ▬▬ ▬▬▬ ▬ ▬▬▬▬ ▬▬ ▬▬▬ ▬▬▬▬ ▬▬ ▬▬▬ ▬▬ ▬▬▬▬ ▬▬▬ ▬▬ ▬▬▬▬ ▬ ▬▬▬ ▬▬ ▬▬▬▬ ▬▬ ▬▬▬ ▬▬▬▬ ▬▬ ▬▬▬ ▬ ▬▬▬▬ ▬▬ ▬▬▬

▬▬ ▬▬▬ ▬▬ ▬▬▬▬ ▬▬▬ ▬▬ ▬▬▬▬ ▬ ▬▬▬ ▬▬ ▬▬▬▬ ▬▬ ▬▬▬ ▬▬▬▬ ▬▬ ▬▬▬ ▬ ▬▬▬▬ ▬▬ ▬▬▬ ▬▬▬▬ ▬▬ ▬▬▬ ▬▬ ▬▬▬▬ ▬▬▬ ▬▬ ▬▬▬▬ ▬ ▬▬▬ ▬▬ ▬▬▬▬ ▬▬ ▬▬▬ ▬▬▬▬ ▬▬ ▬▬▬ ▬ ▬▬▬▬ ▬▬ ▬▬▬

Talking to a representative of the "Christchurch Press" regarding the changes in Chelsea, Mr. H. E. Ray, director of the Christchurch Magnetic Observatory, remarked that the observatory would be undoubtedly a good thing for science in New Zealand.

▬▬ ▬▬▬ ▬▬ ▬▬▬▬ ▬▬▬ ▬▬ ▬▬▬▬ ▬ ▬▬▬ ▬▬ ▬▬▬▬ ▬▬ ▬▬▬ ▬▬▬▬ ▬▬ ▬▬▬ ▬ ▬▬▬▬ ▬▬ ▬▬▬ ▬▬▬▬ ▬▬ ▬▬▬ ▬▬ ▬▬▬▬ ▬▬▬ ▬▬ ▬▬▬▬ ▬ ▬▬▬ ▬▬ ▬▬▬▬ ▬▬ ▬▬▬ ▬▬▬▬ ▬▬ ▬▬▬ ▬ ▬▬▬▬ ▬▬ ▬▬▬

▬▬ ▬▬▬ ▬▬ ▬▬▬▬ ▬▬▬ ▬▬ ▬▬▬▬ ▬ ▬▬▬ ▬▬ ▬▬▬▬ ▬▬ ▬▬▬ ▬▬▬▬ ▬▬ ▬▬▬ ▬ ▬▬▬▬ ▬▬ ▬▬▬ ▬▬▬▬ ▬▬ ▬▬▬ ▬▬ ▬▬▬▬ ▬▬▬ ▬▬ ▬▬▬▬ ▬ ▬▬▬ ▬▬ ▬▬▬▬ ▬▬ ▬▬▬ ▬▬▬▬ ▬▬ ▬▬▬ ▬ ▬▬▬▬ ▬▬ ▬▬▬

The drinking of "Scores na Fig" is the gentlest, surest, most effective way to clear the system.

▬▬ ▬▬▬ ▬▬ ▬▬▬▬ ▬▬▬ ▬▬ ▬▬▬▬ ▬ ▬▬▬ ▬▬ ▬▬▬▬ ▬▬ ▬▬▬ ▬▬▬▬ ▬▬ ▬▬▬ ▬ ▬▬▬▬ ▬▬ ▬▬▬ ▬▬▬▬ ▬▬ ▬▬▬ ▬▬ ▬▬▬▬ ▬▬▬ ▬▬ ▬▬▬▬ ▬ ▬▬▬ ▬▬ ▬▬▬▬ ▬▬ ▬▬▬ ▬▬▬▬ ▬▬ ▬▬▬ ▬ ▬▬▬▬ ▬▬ ▬▬▬

Phone 29 for a change. That's what holidays are for. Sorts that you'll never forget.—Advt.
